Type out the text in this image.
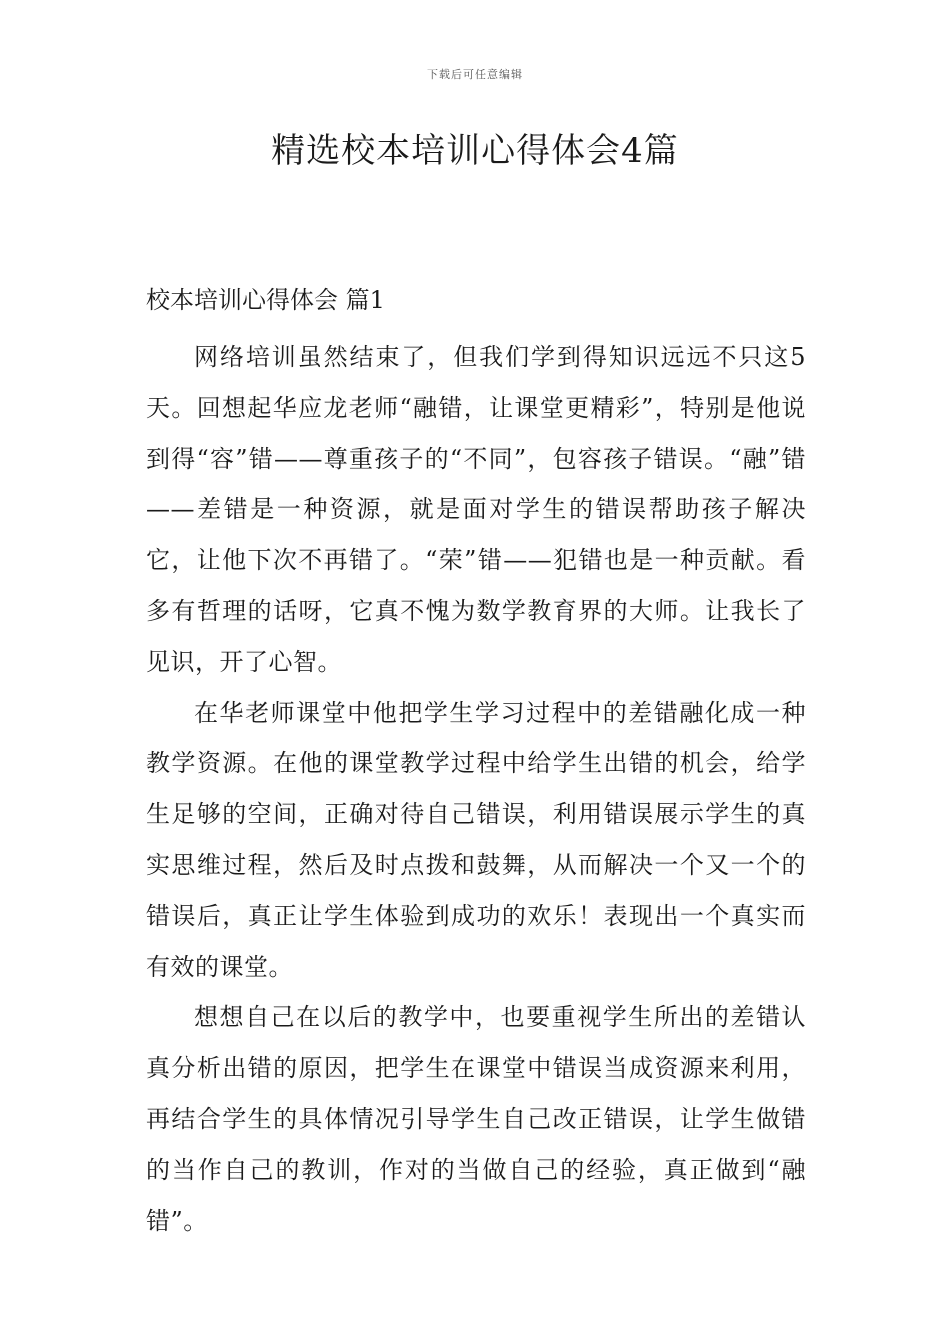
下载后可任意编辑
精选校本培训心得体会4篇
校本培训心得体会 篇1

网络培训虽然结束了，但我们学到得知识远远不只这5天。回想起华应龙老师“融错，让课堂更精彩”，特别是他说到得“容”错——尊重孩子的“不同”，包容孩子错误。“融”错——差错是一种资源，就是面对学生的错误帮助孩子解决它，让他下次不再错了。“荣”错——犯错也是一种贡献。看多有哲理的话呀，它真不愧为数学教育界的大师。让我长了见识，开了心智。

在华老师课堂中他把学生学习过程中的差错融化成一种教学资源。在他的课堂教学过程中给学生出错的机会，给学生足够的空间，正确对待自己错误，利用错误展示学生的真实思维过程，然后及时点拨和鼓舞，从而解决一个又一个的错误后，真正让学生体验到成功的欢乐！表现出一个真实而有效的课堂。

想想自己在以后的教学中，也要重视学生所出的差错认真分析出错的原因，把学生在课堂中错误当成资源来利用，再结合学生的具体情况引导学生自己改正错误，让学生做错的当作自己的教训，作对的当做自己的经验，真正做到“融错”。
